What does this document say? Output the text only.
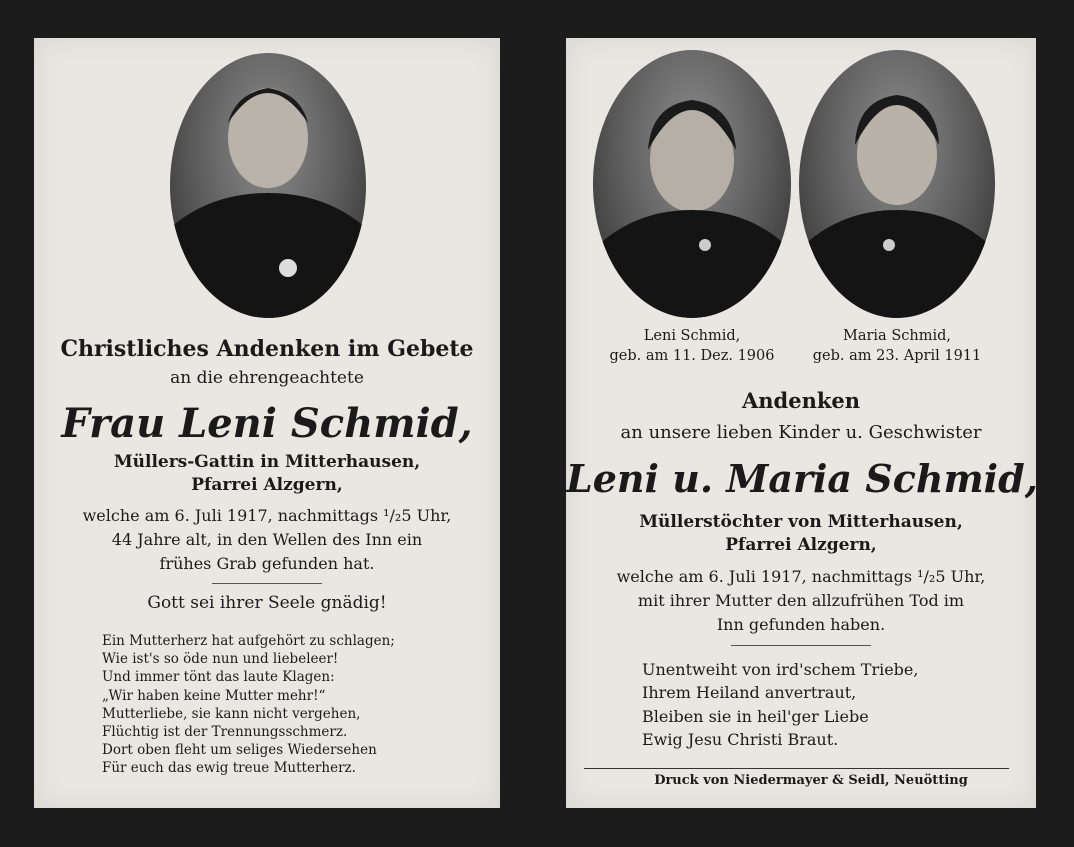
Christliches Andenken im Gebete
an die ehrengeachtete
Frau Leni Schmid,
Müllers-Gattin in Mitterhausen,
Pfarrei Alzgern,
welche am 6. Juli 1917, nachmittags ¹/₂5 Uhr,
44 Jahre alt, in den Wellen des Inn ein
frühes Grab gefunden hat.
Gott sei ihrer Seele gnädig!
Ein Mutterherz hat aufgehört zu schlagen;
Wie ist's so öde nun und liebeleer!
Und immer tönt das laute Klagen:
„Wir haben keine Mutter mehr!“
Mutterliebe, sie kann nicht vergehen,
Flüchtig ist der Trennungsschmerz.
Dort oben fleht um seliges Wiedersehen
Für euch das ewig treue Mutterherz.
Leni Schmid,
geb. am 11. Dez. 1906
Maria Schmid,
geb. am 23. April 1911
Andenken
an unsere lieben Kinder u. Geschwister
Leni u. Maria Schmid,
Müllerstöchter von Mitterhausen,
Pfarrei Alzgern,
welche am 6. Juli 1917, nachmittags ¹/₂5 Uhr,
mit ihrer Mutter den allzufrühen Tod im
Inn gefunden haben.
Unentweiht von ird'schem Triebe,
Ihrem Heiland anvertraut,
Bleiben sie in heil'ger Liebe
Ewig Jesu Christi Braut.
Druck von Niedermayer & Seidl, Neuötting
